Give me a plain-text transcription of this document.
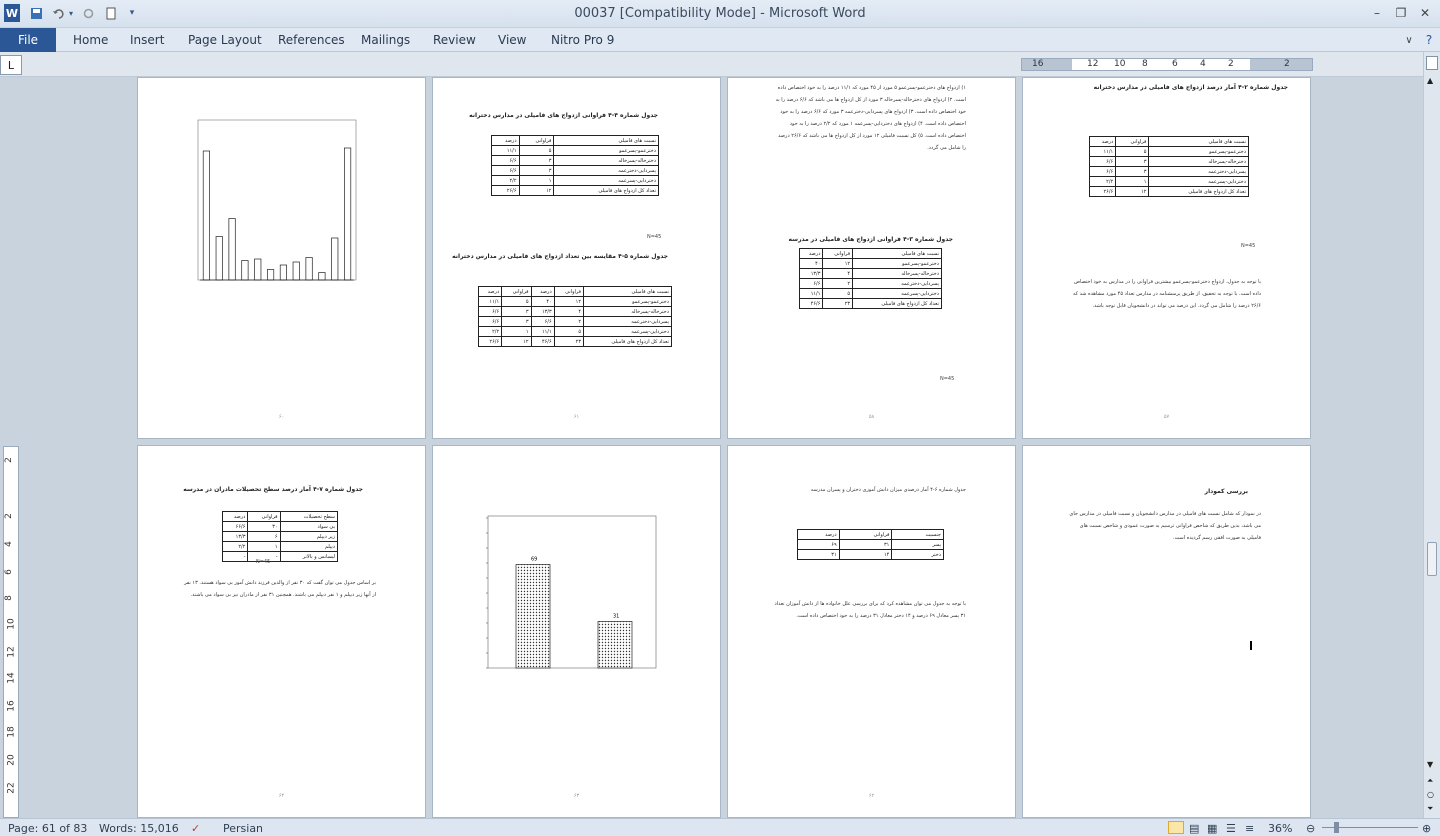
W	▾	▾	00037 [Compatibility Mode] - Microsoft Word	–	❐	✕
File	Home Insert Page Layout References Mailings Review View Nitro Pro 9	∨	?
L	16	12 10 8	6 4 2	2
2
2
4
6
8
10
12
14
16
18
20
22
▲
▼
⏶
○
⏷
۶۰
جدول شماره ۴-۴ فراوانی ازدواج های فامیلی در مدارس دخترانه
درصد	فراوانی	نسبت های فامیلی
۱۱/۱	۵	دخترعمو-پسرعمو
۶/۶	۳	دخترخاله-پسرخاله
۶/۶	۳	پسردایی-دخترعمه
۲/۲	۱	دختردایی-پسرعمه
۲۶/۶	۱۲	تعداد کل ازدواج های فامیلی
N=45
جدول شماره ۵-۴ مقایسه بین تعداد ازدواج های فامیلی در مدارس دخترانه
درصد	فراوانی	درصد	فراوانی	نسبت های فامیلی
۱۱/۱	۵	۴۰	۱۲	دخترعمو-پسرعمو
۶/۶	۳	۱۳/۳	۴	دخترخاله-پسرخاله
۶/۶	۳	۶/۶	۲	پسردایی-دخترعمه
۲/۲	۱	۱۱/۱	۵	دختردایی-پسرعمه
۲۶/۶	۱۲	۴۶/۶	۲۳	تعداد کل ازدواج های فامیلی
۶۱
۱) ازدواج های دخترعمو-پسرعمو ۵ مورد از ۴۵ مورد که ۱۱/۱ درصد را به خود اختصاص داده است. ۲) ازدواج های دخترخاله-پسرخاله ۳ مورد از کل ازدواج ها می باشد که ۶/۶ درصد را به خود اختصاص داده است. ۳) ازدواج های پسردایی-دخترعمه ۳ مورد که ۶/۶ درصد را به خود اختصاص داده است. ۴) ازدواج های دختردایی-پسرعمه ۱ مورد که ۲/۲ درصد را به خود اختصاص داده است. ۵) کل نسبت فامیلی ۱۲ مورد از کل ازدواج ها می باشد که ۲۶/۶ درصد را شامل می گردد.
جدول شماره ۳-۴ فراوانی ازدواج های فامیلی در مدرسه
درصد	فراوانی	نسبت های فامیلی
۴۰	۱۲	دخترعمو-پسرعمو
۱۳/۳	۴	دخترخاله-پسرخاله
۶/۶	۲	پسردایی-دخترعمه
۱۱/۱	۵	دختردایی-پسرعمه
۴۶/۶	۲۳	تعداد کل ازدواج های فامیلی
N=45
۵۸
جدول شماره ۲-۴ آمار درصد ازدواج های فامیلی در مدارس دخترانه
درصد	فراوانی	نسبت های فامیلی
۱۱/۱	۵	دخترعمو-پسرعمو
۶/۶	۳	دخترخاله-پسرخاله
۶/۶	۳	پسردایی-دخترعمه
۲/۲	۱	دختردایی-پسرعمه
۲۶/۶	۱۲	تعداد کل ازدواج های فامیلی
N=45
با توجه به جدول، ازدواج دخترعمو-پسرعمو بیشترین فراوانی را در مدارس به خود اختصاص داده است. با توجه به تحقیق، از طریق پرسشنامه در مدارس تعداد ۴۵ مورد مشاهده شد که ۲۶/۶ درصد را شامل می گردد. این درصد می تواند در دانشجویان قابل توجه باشد.
۵۷
جدول شماره ۷-۴ آمار درصد سطح تحصیلات مادران در مدرسه
درصد	فراوانی	سطح تحصیلات
۶۶/۶	۳۰	بی سواد
۱۳/۳	۶	زیر دیپلم
۲/۲	۱	دیپلم
-	-	لیسانس و بالاتر
N=45
بر اساس جدول می توان گفت که ۳۰ نفر از والدین فرزند دانش آموز بی سواد هستند. ۱۳ نفر از آنها زیر دیپلم و ۱ نفر دیپلم می باشند. همچنین ۳۱ نفر از مادران نیز بی سواد می باشند.
۶۴
69
31
۶۳
جدول شماره ۶-۴ آمار درصدی میزان دانش آموزی دختران و پسران مدرسه
درصد	فراوانی	جنسیت
۶۹	۳۱	پسر
۳۱	۱۴	دختر
با توجه به جدول می توان مشاهده کرد که برای بررسی علل خانواده ها از دانش آموزان تعداد ۳۱ پسر معادل ۶۹ درصد و ۱۴ دختر معادل ۳۱ درصد را به خود اختصاص داده است.
۶۲
بررسی کمودار
در نمودار که شامل نسبت های فامیلی در مدارس دانشجویان و نسبت فامیلی در مدارس جای می باشد، بدین طریق که شاخص فراوانی ترسیم به صورت عمودی و شاخص نسبت های فامیلی به صورت افقی رسم گردیده است.
Page: 61 of 83 Words: 15,016 ✓ Persian	▤ ▦ ☰ ≡ 36% ⊖	⊕
